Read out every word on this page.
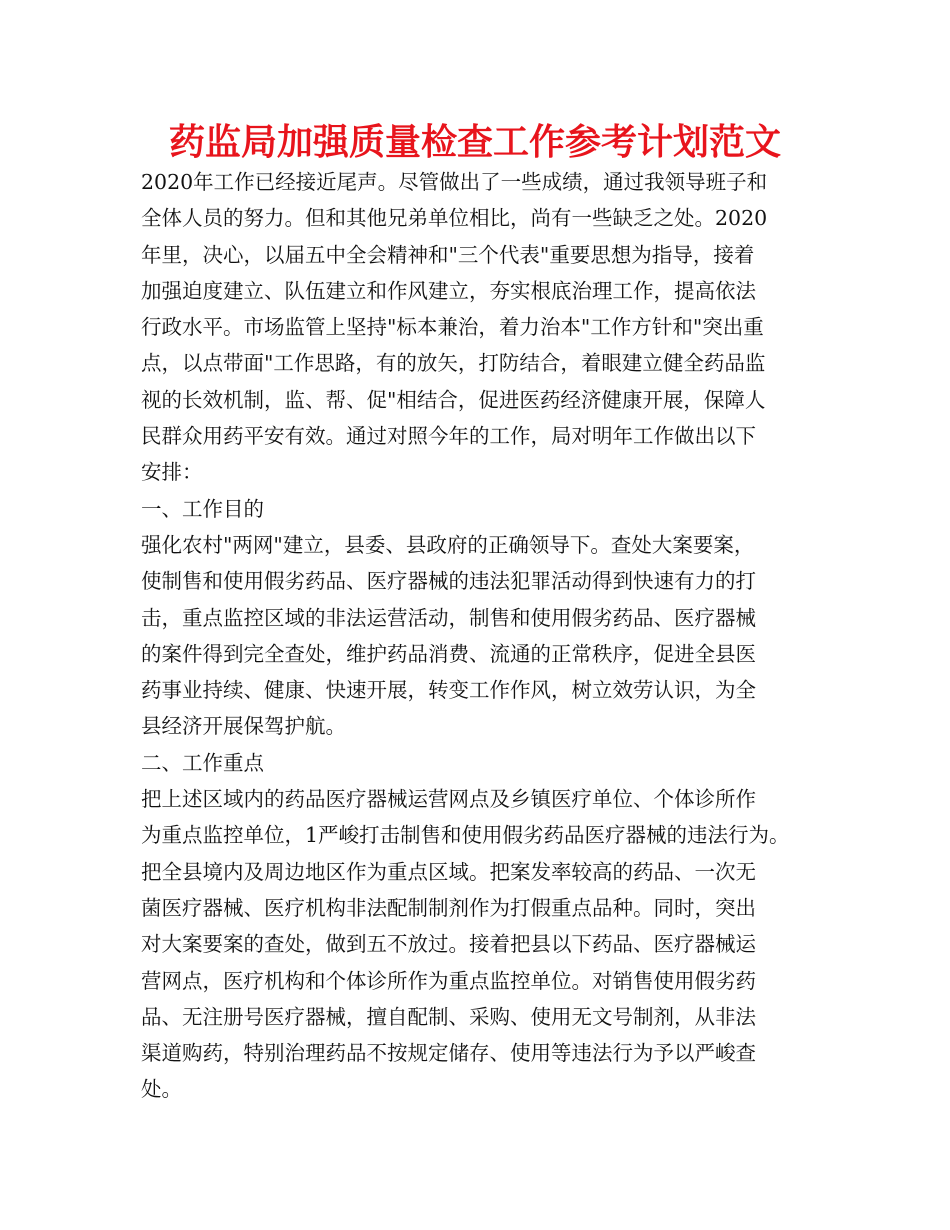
药监局加强质量检查工作参考计划范文
2020年工作已经接近尾声。尽管做出了一些成绩，通过我领导班子和
全体人员的努力。但和其他兄弟单位相比，尚有一些缺乏之处。2020
年里，决心，以届五中全会精神和"三个代表"重要思想为指导，接着
加强迫度建立、队伍建立和作风建立，夯实根底治理工作，提高依法
行政水平。市场监管上坚持"标本兼治，着力治本"工作方针和"突出重
点，以点带面"工作思路，有的放矢，打防结合，着眼建立健全药品监
视的长效机制，监、帮、促"相结合，促进医药经济健康开展，保障人
民群众用药平安有效。通过对照今年的工作，局对明年工作做出以下
安排：
一、工作目的
强化农村"两网"建立，县委、县政府的正确领导下。查处大案要案，
使制售和使用假劣药品、医疗器械的违法犯罪活动得到快速有力的打
击，重点监控区域的非法运营活动，制售和使用假劣药品、医疗器械
的案件得到完全查处，维护药品消费、流通的正常秩序，促进全县医
药事业持续、健康、快速开展，转变工作作风，树立效劳认识，为全
县经济开展保驾护航。
二、工作重点
把上述区域内的药品医疗器械运营网点及乡镇医疗单位、个体诊所作
为重点监控单位，1严峻打击制售和使用假劣药品医疗器械的违法行为。
把全县境内及周边地区作为重点区域。把案发率较高的药品、一次无
菌医疗器械、医疗机构非法配制制剂作为打假重点品种。同时，突出
对大案要案的查处，做到五不放过。接着把县以下药品、医疗器械运
营网点，医疗机构和个体诊所作为重点监控单位。对销售使用假劣药
品、无注册号医疗器械，擅自配制、采购、使用无文号制剂，从非法
渠道购药，特别治理药品不按规定储存、使用等违法行为予以严峻查
处。
